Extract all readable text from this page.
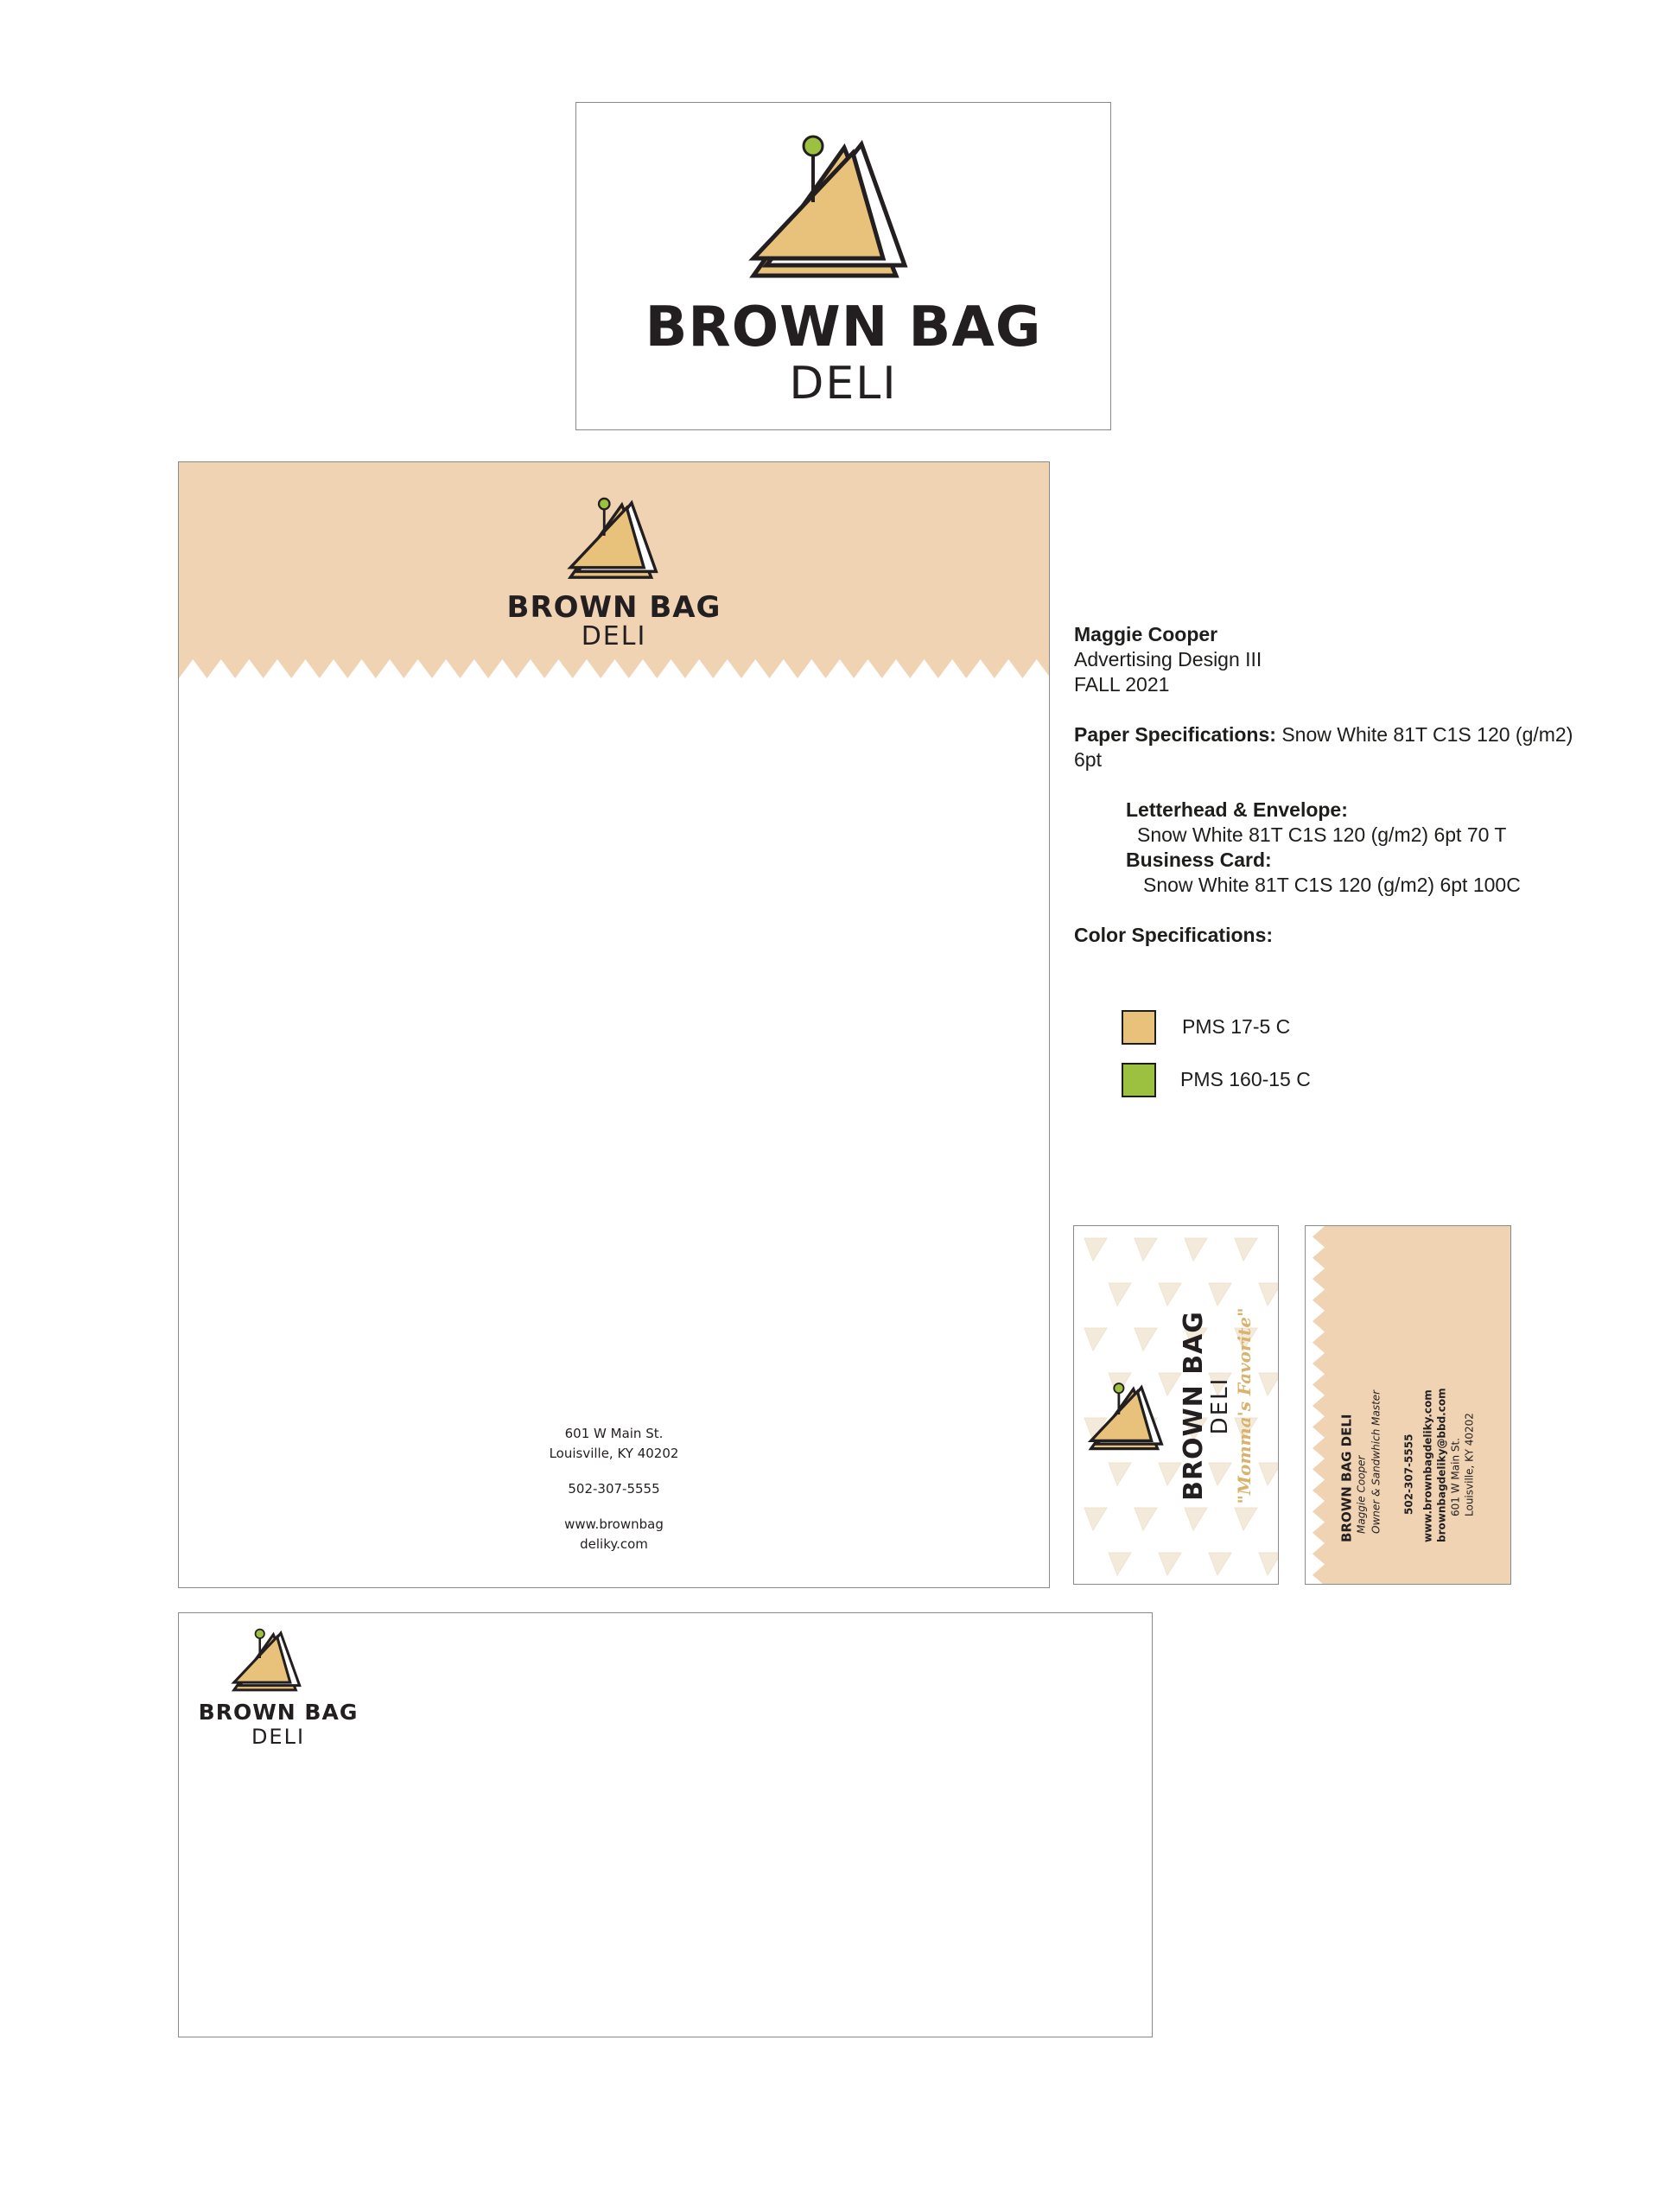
BROWN BAG
DELI
BROWN BAG
DELI
601 W Main St.
Louisville, KY 40202
502-307-5555
www.brownbag
deliky.com
Maggie Cooper
Advertising Design III
FALL 2021
Paper Specifications: Snow White 81T C1S 120 (g/m2) 6pt
Letterhead & Envelope:
Snow White 81T C1S 120 (g/m2) 6pt 70 T
Business Card:
Snow White 81T C1S 120 (g/m2) 6pt 100C
Color Specifications:
PMS 17-5 C
PMS 160-15 C
BROWN BAG
DELI "Momma's Favorite"	BROWN BAG DELI Maggie Cooper Owner & Sandwhich Master 502-307-5555 www.brownbagdeliky.com brownbagdeliky@bbd.com 601 W Main St. Louisville, KY 40202
BROWN BAG
DELI
